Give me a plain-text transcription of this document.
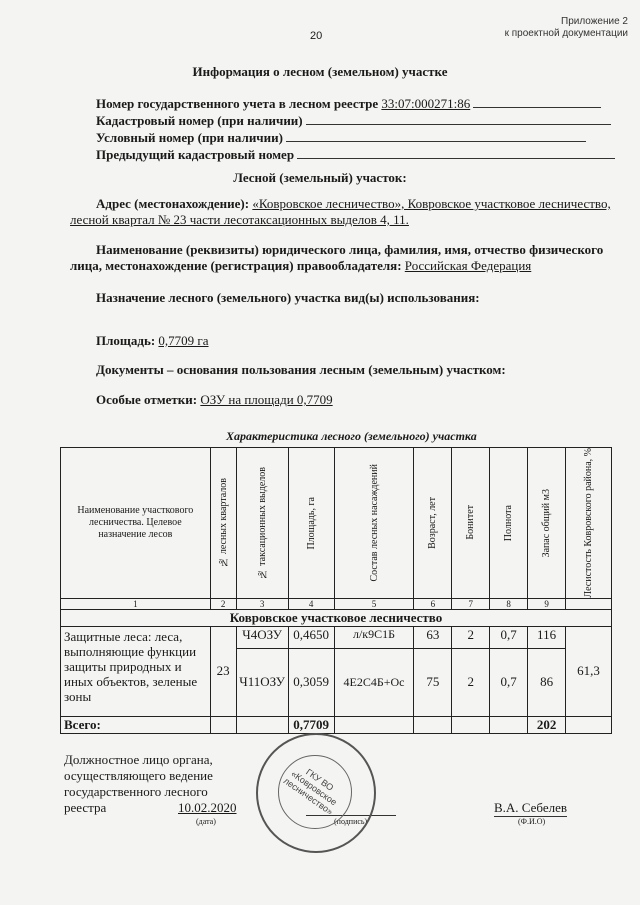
20
Приложение 2
к проектной документации
Информация о лесном (земельном) участке
Номер государственного учета в лесном реестре 33:07:000271:86
Кадастровый номер (при наличии)
Условный номер (при наличии)
Предыдущий кадастровый номер
Лесной (земельный) участок:
Адрес (местонахождение): «Ковровское лесничество», Ковровское участковое лесничество,
лесной квартал № 23 части лесотаксационных выделов 4, 11.
Наименование (реквизиты) юридического лица, фамилия, имя, отчество физического
лица, местонахождение (регистрация) правообладателя: Российская Федерация
Назначение лесного (земельного) участка вид(ы) использования:
Площадь: 0,7709 га
Документы – основания пользования лесным (земельным) участком:
Особые отметки: ОЗУ на площади 0,7709
Характеристика лесного (земельного) участка
Наименование участкового лесничества. Целевое назначение лесов	№ лесных кварталов	№ таксационных выделов	Площадь, га	Состав лесных насаждений	Возраст, лет	Бонитет	Полнота	Запас общий м3	Лесистость Ковровского района, %

1	2	3	4	5	6	7	8	9	
Ковровское участковое лесничество									
Защитные леса: леса, выполняющие функции защиты природных и иных объектов, зеленые зоны	23	Ч4ОЗУ	0,4650	л/к9С1Б	63	2	0,7	116	61,3
		Ч11ОЗУ	0,3059	4Е2С4Б+Ос	75	2	0,7	86	
Всего:			0,7709					202	
Должностное лицо органа,
осуществляющего ведение
государственного лесного
реестра	10.02.2020
(дата)	(подпись)
В.А. Себелев
(Ф.И.О)
ГКУ ВО «Ковровское лесничество»
